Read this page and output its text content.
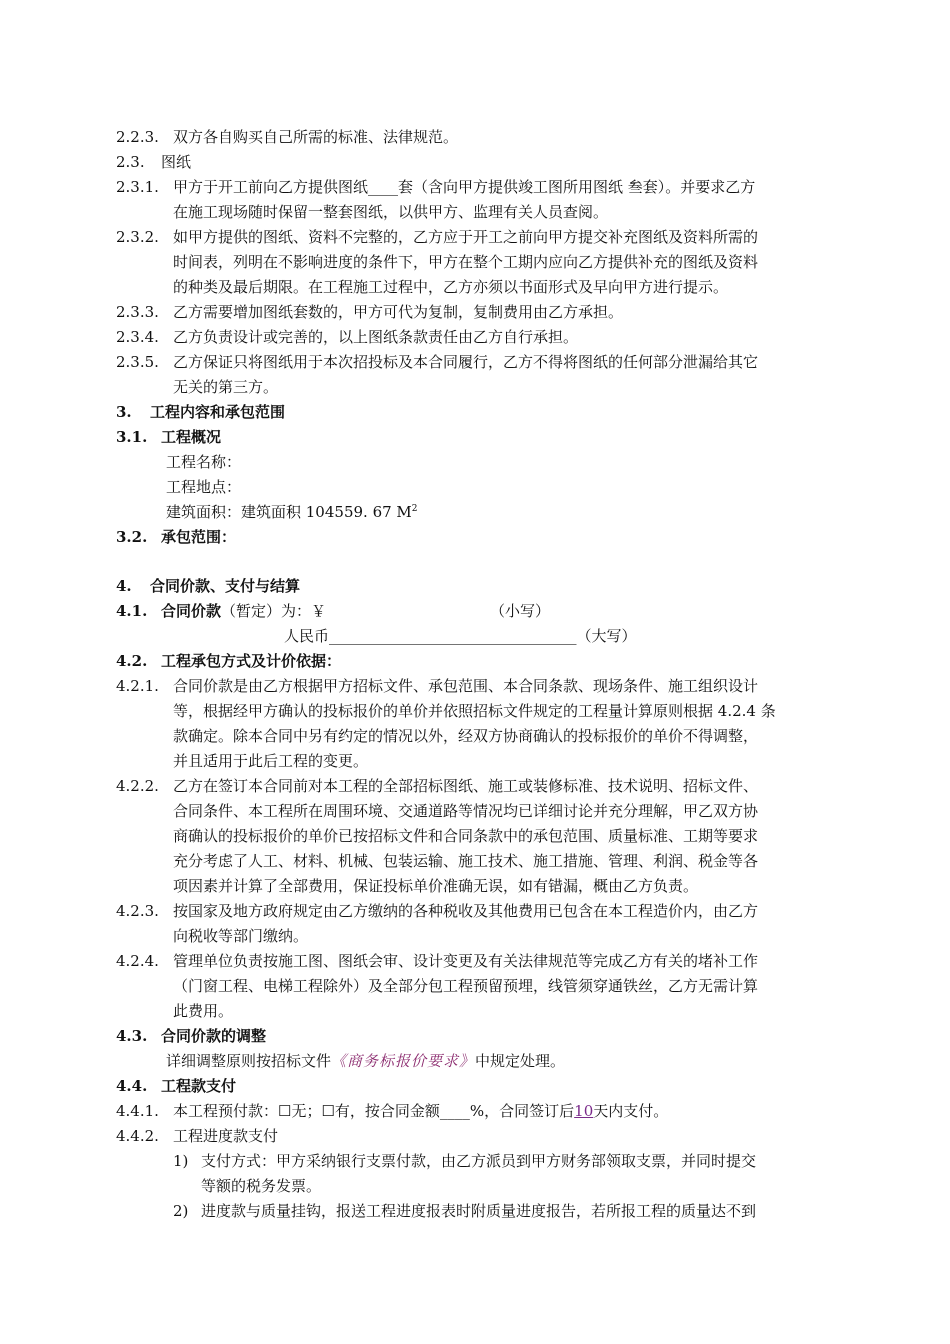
2.2.3. 双方各自购买自己所需的标准、法律规范。
2.3. 图纸
2.3.1. 甲方于开工前向乙方提供图纸____套（含向甲方提供竣工图所用图纸 叁套）。并要求乙方
在施工现场随时保留一整套图纸，以供甲方、监理有关人员查阅。
2.3.2. 如甲方提供的图纸、资料不完整的，乙方应于开工之前向甲方提交补充图纸及资料所需的
时间表，列明在不影响进度的条件下，甲方在整个工期内应向乙方提供补充的图纸及资料
的种类及最后期限。在工程施工过程中，乙方亦须以书面形式及早向甲方进行提示。
2.3.3. 乙方需要增加图纸套数的，甲方可代为复制，复制费用由乙方承担。
2.3.4. 乙方负责设计或完善的，以上图纸条款责任由乙方自行承担。
2.3.5. 乙方保证只将图纸用于本次招投标及本合同履行，乙方不得将图纸的任何部分泄漏给其它
无关的第三方。
3. 工程内容和承包范围
3.1. 工程概况
工程名称：
工程地点：
建筑面积：建筑面积 104559. 67 $M^2$
3.2. 承包范围：
4. 合同价款、支付与结算
4.1. 合同价款（暂定）为：￥	（小写）
人民币_________________________________（大写）
4.2. 工程承包方式及计价依据：
4.2.1. 合同价款是由乙方根据甲方招标文件、承包范围、本合同条款、现场条件、施工组织设计
等，根据经甲方确认的投标报价的单价并依照招标文件规定的工程量计算原则根据 4.2.4 条
款确定。除本合同中另有约定的情况以外，经双方协商确认的投标报价的单价不得调整，
并且适用于此后工程的变更。
4.2.2. 乙方在签订本合同前对本工程的全部招标图纸、施工或装修标准、技术说明、招标文件、
合同条件、本工程所在周围环境、交通道路等情况均已详细讨论并充分理解，甲乙双方协
商确认的投标报价的单价已按招标文件和合同条款中的承包范围、质量标准、工期等要求
充分考虑了人工、材料、机械、包装运输、施工技术、施工措施、管理、利润、税金等各
项因素并计算了全部费用，保证投标单价准确无误，如有错漏，概由乙方负责。
4.2.3. 按国家及地方政府规定由乙方缴纳的各种税收及其他费用已包含在本工程造价内，由乙方
向税收等部门缴纳。
4.2.4. 管理单位负责按施工图、图纸会审、设计变更及有关法律规范等完成乙方有关的堵补工作
（门窗工程、电梯工程除外）及全部分包工程预留预埋，线管须穿通铁丝，乙方无需计算
此费用。
4.3. 合同价款的调整
详细调整原则按招标文件《商务标报价要求》中规定处理。
4.4. 工程款支付
4.4.1. 本工程预付款：☐无；☐有，按合同金额____%，合同签订后10天内支付。
4.4.2. 工程进度款支付
1) 支付方式：甲方采纳银行支票付款，由乙方派员到甲方财务部领取支票，并同时提交
等额的税务发票。
2) 进度款与质量挂钩，报送工程进度报表时附质量进度报告，若所报工程的质量达不到
